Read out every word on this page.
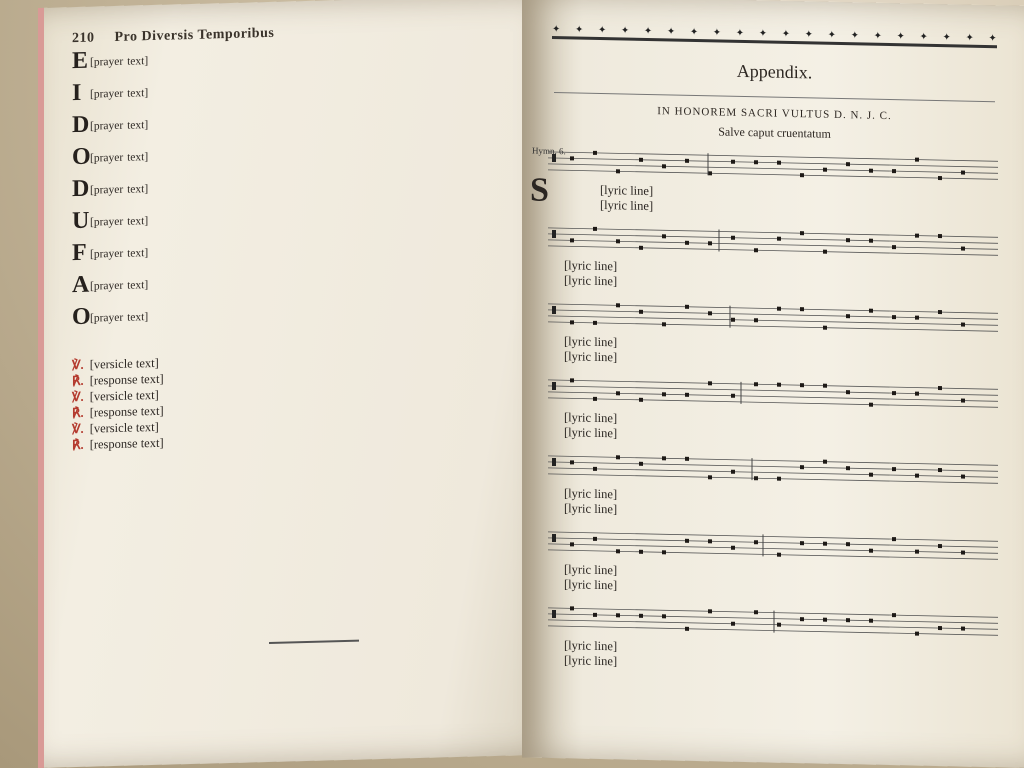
210 Pro Diversis Temporibus
E [prayer text]
I [prayer text]
D [prayer text]
O [prayer text]
D [prayer text]
U [prayer text]
F [prayer text]
A [prayer text]
O [prayer text]
℣. [versicle text]
℟. [response text]
℣. [versicle text]
℟. [response text]
℣. [versicle text]
℟. [response text]
✦ ✦ ✦ ✦ ✦ ✦ ✦ ✦ ✦ ✦ ✦ ✦ ✦ ✦ ✦ ✦ ✦ ✦ ✦ ✦
Appendix.
IN HONOREM SACRI VULTUS D. N. J. C.
Salve caput cruentatum
[lyric line]
[lyric line]
[lyric line]
[lyric line]
[lyric line]
[lyric line]
[lyric line]
[lyric line]
[lyric line]
[lyric line]
[lyric line]
[lyric line]
[lyric line]
[lyric line]
Hymn. 6.
S
